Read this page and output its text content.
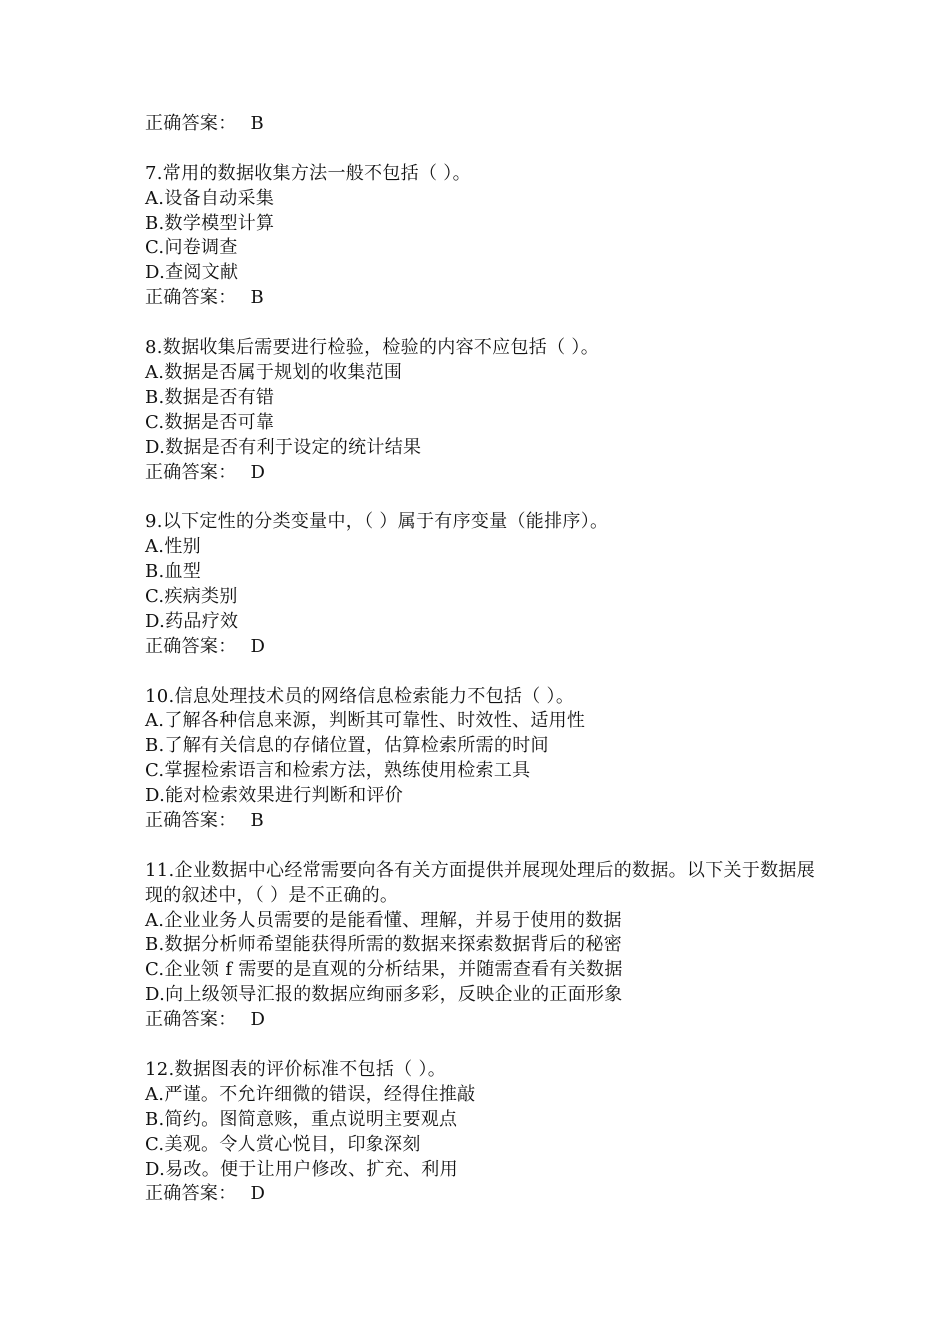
正确答案： B
7.常用的数据收集方法一般不包括（ ）。
A.设备自动采集
B.数学模型计算
C.问卷调查
D.查阅文献
正确答案： B
8.数据收集后需要进行检验，检验的内容不应包括（ ）。
A.数据是否属于规划的收集范围
B.数据是否有错
C.数据是否可靠
D.数据是否有利于设定的统计结果
正确答案： D
9.以下定性的分类变量中，（ ）属于有序变量（能排序）。
A.性别
B.血型
C.疾病类别
D.药品疗效
正确答案： D
10.信息处理技术员的网络信息检索能力不包括（ ）。
A.了解各种信息来源，判断其可靠性、时效性、适用性
B.了解有关信息的存储位置，估算检索所需的时间
C.掌握检索语言和检索方法，熟练使用检索工具
D.能对检索效果进行判断和评价
正确答案： B
11.企业数据中心经常需要向各有关方面提供并展现处理后的数据。以下关于数据展现的叙述中，（ ）是不正确的。
A.企业业务人员需要的是能看懂、理解，并易于使用的数据
B.数据分析师希望能获得所需的数据来探索数据背后的秘密
C.企业领 f 需要的是直观的分析结果，并随需查看有关数据
D.向上级领导汇报的数据应绚丽多彩，反映企业的正面形象
正确答案： D
12.数据图表的评价标准不包括（ ）。
A.严谨。不允许细微的错误，经得住推敲
B.简约。图简意赅，重点说明主要观点
C.美观。令人赏心悦目，印象深刻
D.易改。便于让用户修改、扩充、利用
正确答案： D
